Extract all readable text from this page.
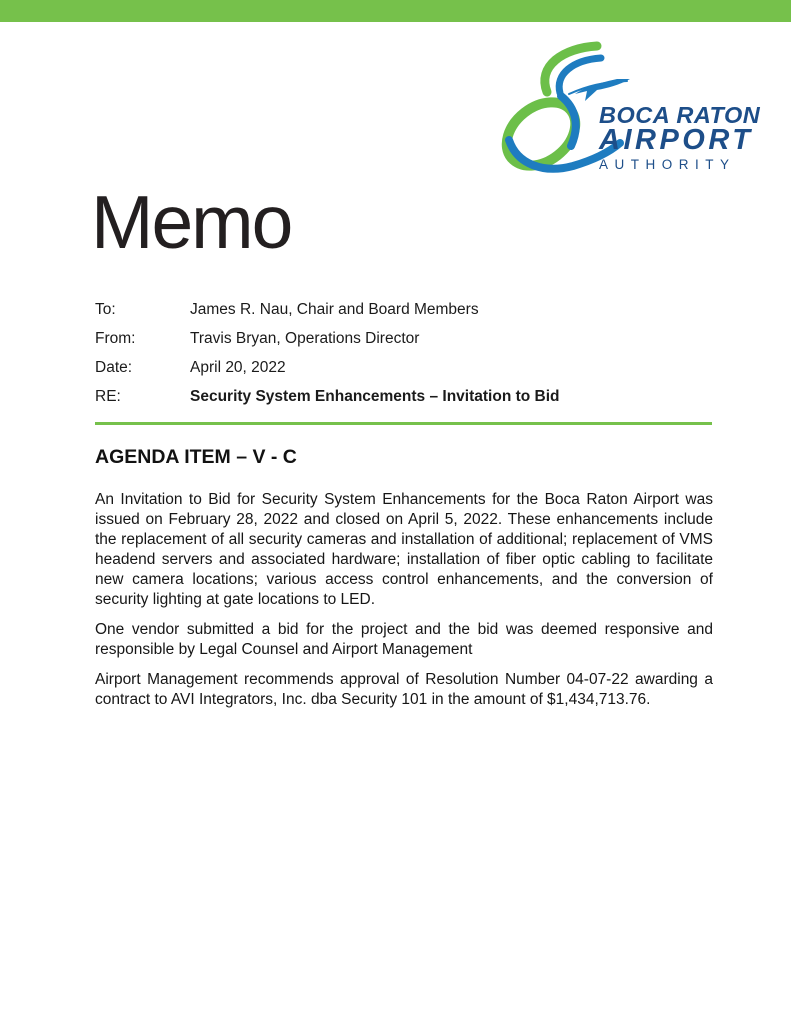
BOCA RATON
AIRPORT
AUTHORITY
Memo
To:	James R. Nau, Chair and Board Members
From:	Travis Bryan, Operations Director
Date:	April 20, 2022
RE:	Security System Enhancements – Invitation to Bid
AGENDA ITEM – V - C

An Invitation to Bid for Security System Enhancements for the Boca Raton Airport was issued on February 28, 2022 and closed on April 5, 2022. These enhancements include the replacement of all security cameras and installation of additional; replacement of VMS headend servers and associated hardware; installation of fiber optic cabling to facilitate new camera locations; various access control enhancements, and the conversion of security lighting at gate locations to LED.

One vendor submitted a bid for the project and the bid was deemed responsive and responsible by Legal Counsel and Airport Management

Airport Management recommends approval of Resolution Number 04-07-22 awarding a contract to AVI Integrators, Inc. dba Security 101 in the amount of $1,434,713.76.
